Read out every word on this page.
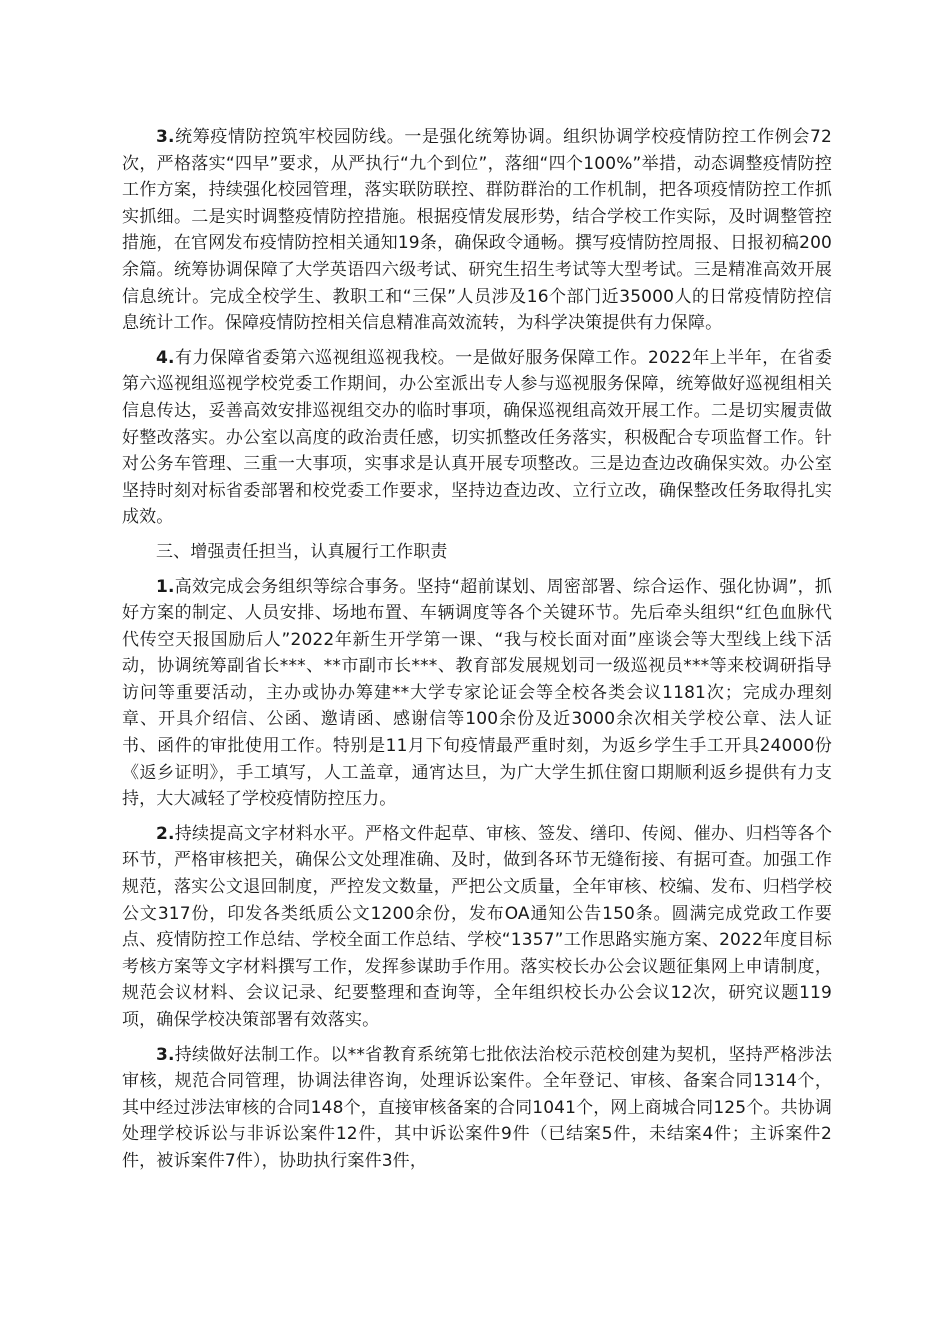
3.统筹疫情防控筑牢校园防线。一是强化统筹协调。组织协调学校疫情防控工作例会72次，严格落实“四早”要求，从严执行“九个到位”，落细“四个100%”举措，动态调整疫情防控工作方案，持续强化校园管理，落实联防联控、群防群治的工作机制，把各项疫情防控工作抓实抓细。二是实时调整疫情防控措施。根据疫情发展形势，结合学校工作实际，及时调整管控措施，在官网发布疫情防控相关通知19条，确保政令通畅。撰写疫情防控周报、日报初稿200余篇。统筹协调保障了大学英语四六级考试、研究生招生考试等大型考试。三是精准高效开展信息统计。完成全校学生、教职工和“三保”人员涉及16个部门近35000人的日常疫情防控信息统计工作。保障疫情防控相关信息精准高效流转，为科学决策提供有力保障。

4.有力保障省委第六巡视组巡视我校。一是做好服务保障工作。2022年上半年，在省委第六巡视组巡视学校党委工作期间，办公室派出专人参与巡视服务保障，统筹做好巡视组相关信息传达，妥善高效安排巡视组交办的临时事项，确保巡视组高效开展工作。二是切实履责做好整改落实。办公室以高度的政治责任感，切实抓整改任务落实，积极配合专项监督工作。针对公务车管理、三重一大事项，实事求是认真开展专项整改。三是边查边改确保实效。办公室坚持时刻对标省委部署和校党委工作要求，坚持边查边改、立行立改，确保整改任务取得扎实成效。

三、增强责任担当，认真履行工作职责

1.高效完成会务组织等综合事务。坚持“超前谋划、周密部署、综合运作、强化协调”，抓好方案的制定、人员安排、场地布置、车辆调度等各个关键环节。先后牵头组织“红色血脉代代传空天报国励后人”2022年新生开学第一课、“我与校长面对面”座谈会等大型线上线下活动，协调统筹副省长***、**市副市长***、教育部发展规划司一级巡视员***等来校调研指导访问等重要活动，主办或协办筹建**大学专家论证会等全校各类会议1181次；完成办理刻章、开具介绍信、公函、邀请函、感谢信等100余份及近3000余次相关学校公章、法人证书、函件的审批使用工作。特别是11月下旬疫情最严重时刻，为返乡学生手工开具24000份《返乡证明》，手工填写，人工盖章，通宵达旦，为广大学生抓住窗口期顺利返乡提供有力支持，大大减轻了学校疫情防控压力。

2.持续提高文字材料水平。严格文件起草、审核、签发、缮印、传阅、催办、归档等各个环节，严格审核把关，确保公文处理准确、及时，做到各环节无缝衔接、有据可查。加强工作规范，落实公文退回制度，严控发文数量，严把公文质量，全年审核、校编、发布、归档学校公文317份，印发各类纸质公文1200余份，发布OA通知公告150条。圆满完成党政工作要点、疫情防控工作总结、学校全面工作总结、学校“1357”工作思路实施方案、2022年度目标考核方案等文字材料撰写工作，发挥参谋助手作用。落实校长办公会议题征集网上申请制度，规范会议材料、会议记录、纪要整理和查询等，全年组织校长办公会议12次，研究议题119项，确保学校决策部署有效落实。

3.持续做好法制工作。以**省教育系统第七批依法治校示范校创建为契机，坚持严格涉法审核，规范合同管理，协调法律咨询，处理诉讼案件。全年登记、审核、备案合同1314个，其中经过涉法审核的合同148个，直接审核备案的合同1041个，网上商城合同125个。共协调处理学校诉讼与非诉讼案件12件，其中诉讼案件9件（已结案5件，未结案4件；主诉案件2件，被诉案件7件），协助执行案件3件，
